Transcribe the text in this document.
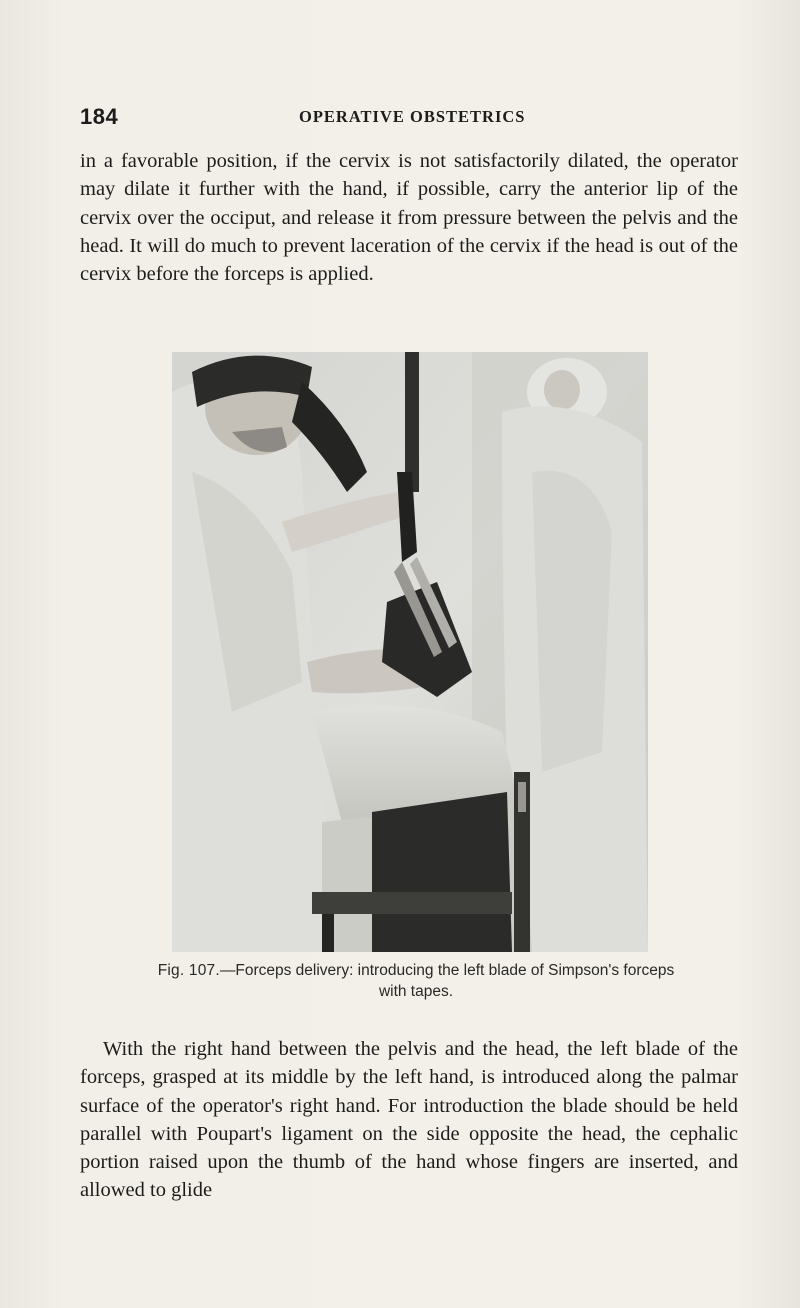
184	OPERATIVE OBSTETRICS

in a favorable position, if the cervix is not satisfactorily dilated, the operator may dilate it further with the hand, if possible, carry the anterior lip of the cervix over the occiput, and release it from pressure between the pelvis and the head. It will do much to prevent laceration of the cervix if the head is out of the cervix before the forceps is applied.

Fig. 107.—Forceps delivery: introducing the left blade of Simpson's forceps
with tapes.

With the right hand between the pelvis and the head, the left blade of the forceps, grasped at its middle by the left hand, is introduced along the palmar surface of the operator's right hand. For introduction the blade should be held parallel with Poupart's ligament on the side opposite the head, the cephalic portion raised upon the thumb of the hand whose fingers are inserted, and allowed to glide
